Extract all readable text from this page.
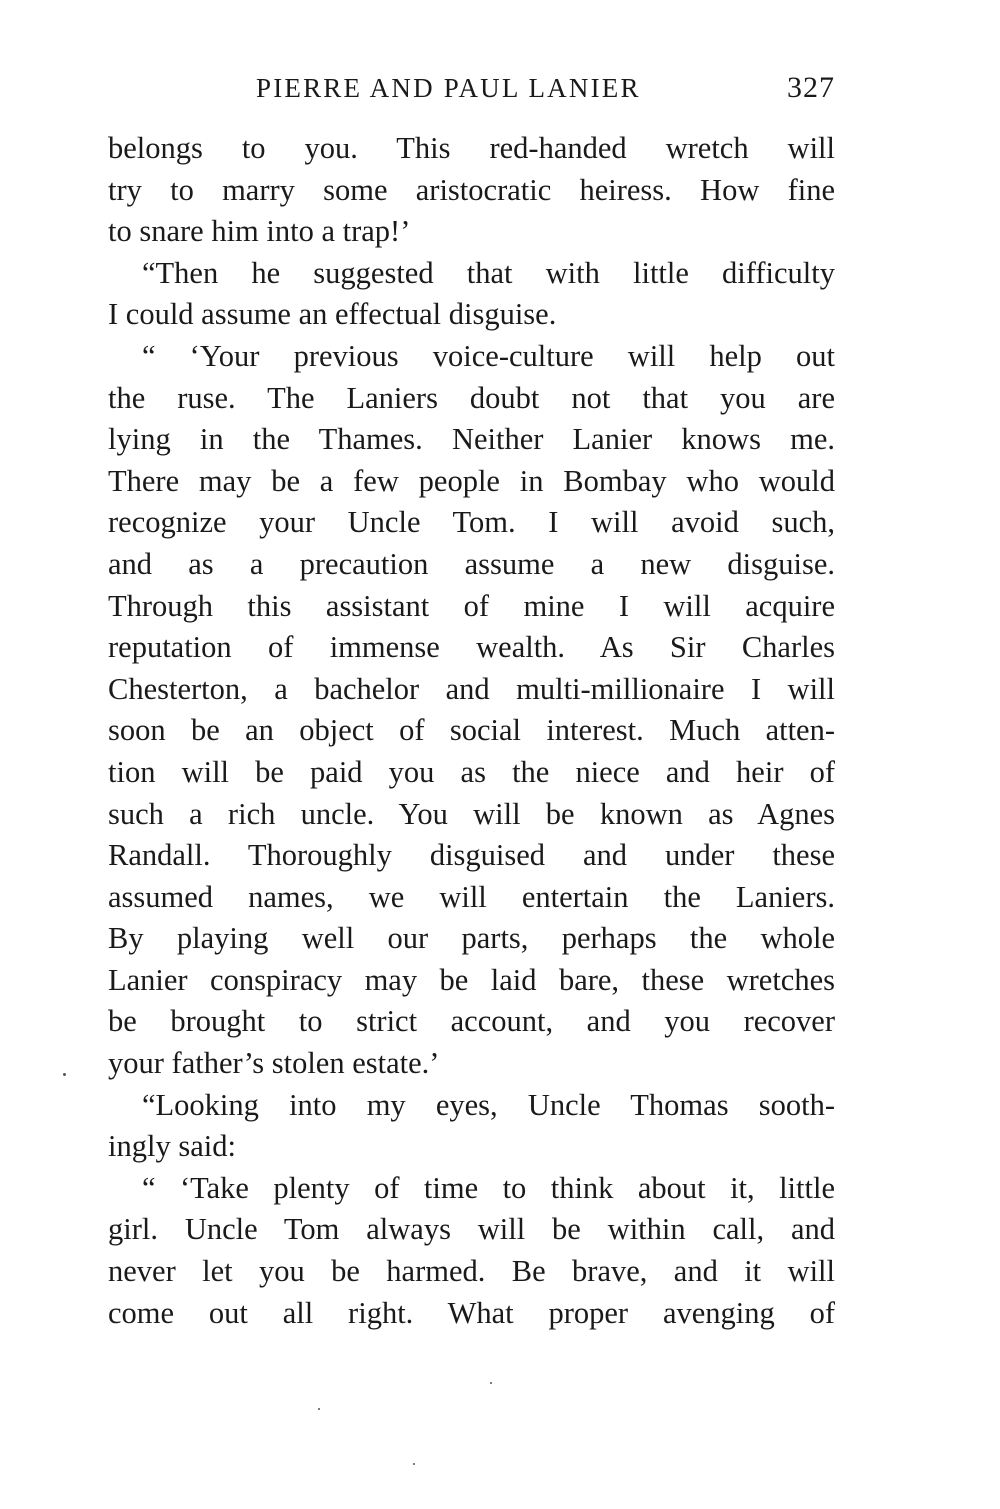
PIERRE AND PAUL LANIER	327
belongs to you. This red-handed wretch will
try to marry some aristocratic heiress. How fine
to snare him into a trap!’
“Then he suggested that with little difficulty
I could assume an effectual disguise.
“ ‘Your previous voice-culture will help out
the ruse. The Laniers doubt not that you are
lying in the Thames. Neither Lanier knows me.
There may be a few people in Bombay who would
recognize your Uncle Tom. I will avoid such,
and as a precaution assume a new disguise.
Through this assistant of mine I will acquire
reputation of immense wealth. As Sir Charles
Chesterton, a bachelor and multi-millionaire I will
soon be an object of social interest. Much atten-
tion will be paid you as the niece and heir of
such a rich uncle. You will be known as Agnes
Randall. Thoroughly disguised and under these
assumed names, we will entertain the Laniers.
By playing well our parts, perhaps the whole
Lanier conspiracy may be laid bare, these wretches
be brought to strict account, and you recover
your father’s stolen estate.’
“Looking into my eyes, Uncle Thomas sooth-
ingly said:
“ ‘Take plenty of time to think about it, little
girl. Uncle Tom always will be within call, and
never let you be harmed. Be brave, and it will
come out all right. What proper avenging of
